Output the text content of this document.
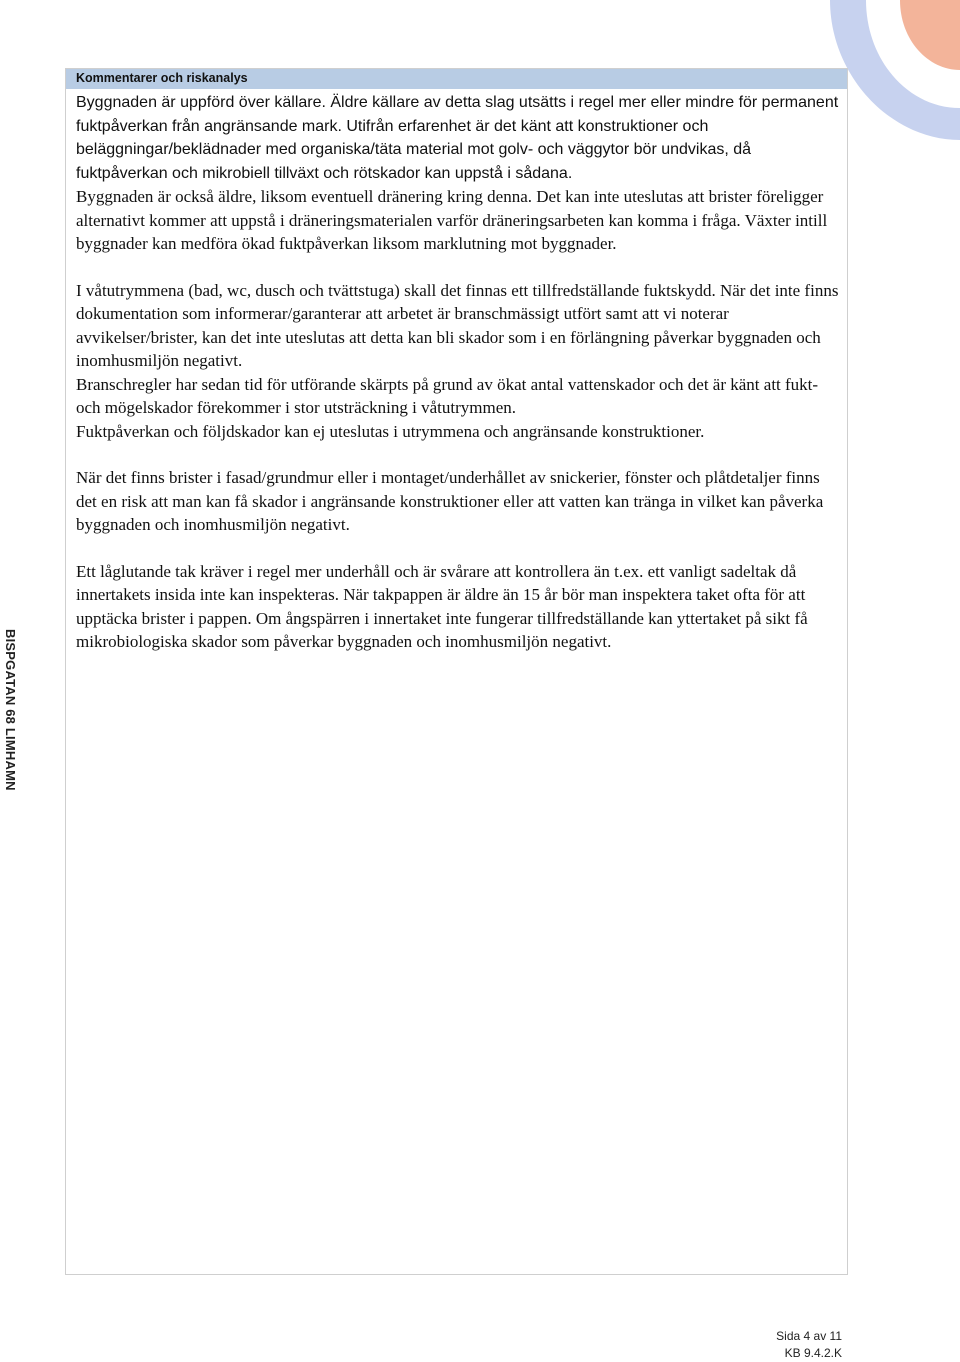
BISPGATAN 68 LIMHAMN
Kommentarer och riskanalys

Byggnaden är uppförd över källare. Äldre källare av detta slag utsätts i regel mer eller mindre för permanent fuktpåverkan från angränsande mark. Utifrån erfarenhet är det känt att konstruktioner och beläggningar/beklädnader med organiska/täta material mot golv- och väggytor bör undvikas, då fuktpåverkan och mikrobiell tillväxt och rötskador kan uppstå i sådana.

Byggnaden är också äldre, liksom eventuell dränering kring denna. Det kan inte uteslutas att brister föreligger alternativt kommer att uppstå i dräneringsmaterialen varför dräneringsarbeten kan komma i fråga. Växter intill byggnader kan medföra ökad fuktpåverkan liksom marklutning mot byggnader.

I våtutrymmena (bad, wc, dusch och tvättstuga) skall det finnas ett tillfredställande fuktskydd. När det inte finns dokumentation som informerar/garanterar att arbetet är branschmässigt utfört samt att vi noterar avvikelser/brister, kan det inte uteslutas att detta kan bli skador som i en förlängning påverkar byggnaden och inomhusmiljön negativt.

Branschregler har sedan tid för utförande skärpts på grund av ökat antal vattenskador och det är känt att fukt- och mögelskador förekommer i stor utsträckning i våtutrymmen.

Fuktpåverkan och följdskador kan ej uteslutas i utrymmena och angränsande konstruktioner.

När det finns brister i fasad/grundmur eller i montaget/underhållet av snickerier, fönster och plåtdetaljer finns det en risk att man kan få skador i angränsande konstruktioner eller att vatten kan tränga in vilket kan påverka byggnaden och inomhusmiljön negativt.

Ett låglutande tak kräver i regel mer underhåll och är svårare att kontrollera än t.ex. ett vanligt sadeltak då innertakets insida inte kan inspekteras. När takpappen är äldre än 15 år bör man inspektera taket ofta för att upptäcka brister i pappen. Om ångspärren i innertaket inte fungerar tillfredställande kan yttertaket på sikt få mikrobiologiska skador som påverkar byggnaden och inomhusmiljön negativt.

Sida 4 av 11
KB 9.4.2.K
